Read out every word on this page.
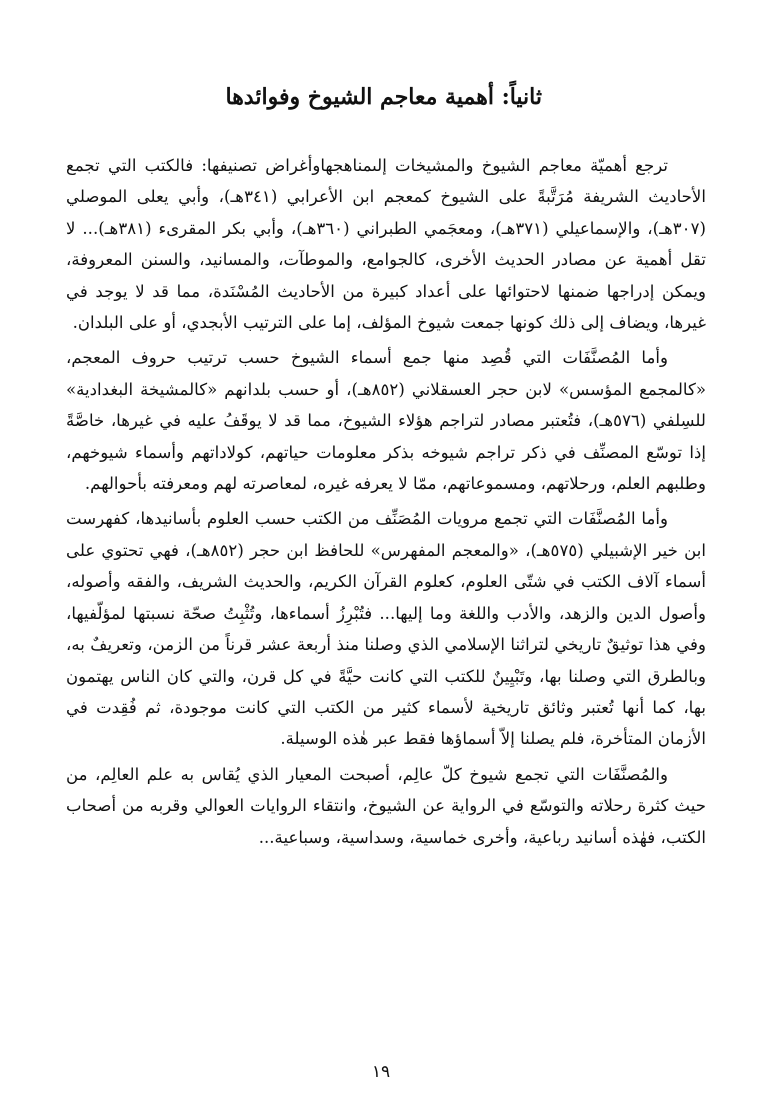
ثانياً: أهمية معاجم الشيوخ وفوائدها

ترجع أهميّة معاجم الشيوخ والمشيخات إلىمناهجهاوأغراض تصنيفها: فالكتب التي تجمع الأحاديث الشريفة مُرَتَّبةً على الشيوخ كمعجم ابن الأعرابي (٣٤١هـ)، وأبي يعلى الموصلي (٣٠٧هـ)، والإسماعيلي (٣٧١هـ)، ومعجَمي الطبراني (٣٦٠هـ)، وأبي بكر المقرىء (٣٨١هـ)... لا تقل أهمية عن مصادر الحديث الأخرى، كالجوامع، والموطآت، والمسانيد، والسنن المعروفة، ويمكن إدراجها ضمنها لاحتوائها على أعداد كبيرة من الأحاديث المُسْنَدة، مما قد لا يوجد في غيرها، ويضاف إلى ذلك كونها جمعت شيوخ المؤلف، إما على الترتيب الأبجدي، أو على البلدان.

وأما المُصنَّفَات التي قُصِد منها جمع أسماء الشيوخ حسب ترتيب حروف المعجم، «كالمجمع المؤسس» لابن حجر العسقلاني (٨٥٢هـ)، أو حسب بلدانهم «كالمشيخة البغدادية» للسِلفي (٥٧٦هـ)، فتُعتبر مصادر لتراجم هؤلاء الشيوخ، مما قد لا يوقَفُ عليه في غيرها، خاصَّةً إذا توسّع المصنِّف في ذكر تراجم شيوخه بذكر معلومات حياتهم، كولاداتهم وأسماء شيوخهم، وطلبهم العلم، ورحلاتهم، ومسموعاتهم، ممّا لا يعرفه غيره، لمعاصرته لهم ومعرفته بأحوالهم.

وأما المُصنَّفَات التي تجمع مرويات المُصَنِّف من الكتب حسب العلوم بأسانيدها، كفهرست ابن خير الإشبيلي (٥٧٥هـ)، «والمعجم المفهرس» للحافظ ابن حجر (٨٥٢هـ)، فهي تحتوي على أسماء آلاف الكتب في شتّى العلوم، كعلوم القرآن الكريم، والحديث الشريف، والفقه وأصوله، وأصول الدين والزهد، والأدب واللغة وما إليها... فتُبْرِزُ أسماءها، وتُثْبِتُ صحّة نسبتها لمؤلّفيها، وفي هذا توثيقٌ تاريخي لتراثنا الإسلامي الذي وصلنا منذ أربعة عشر قرناً من الزمن، وتعريفٌ به، وبالطرق التي وصلنا بها، وتَبْيِينٌ للكتب التي كانت حيَّةً في كل قرن، والتي كان الناس يهتمون بها، كما أنها تُعتبر وثائق تاريخية لأسماء كثير من الكتب التي كانت موجودة، ثم فُقِدت في الأزمان المتأخرة، فلم يصلنا إلاّ أسماؤها فقط عبر هٰذه الوسيلة.

والمُصنَّفَات التي تجمع شيوخ كلّ عالِم، أصبحت المعيار الذي يُقاس به علم العالِم، من حيث كثرة رحلاته والتوسّع في الرواية عن الشيوخ، وانتقاء الروايات العوالي وقربه من أصحاب الكتب، فهٰذه أسانيد رباعية، وأخرى خماسية، وسداسية، وسباعية...

١٩
